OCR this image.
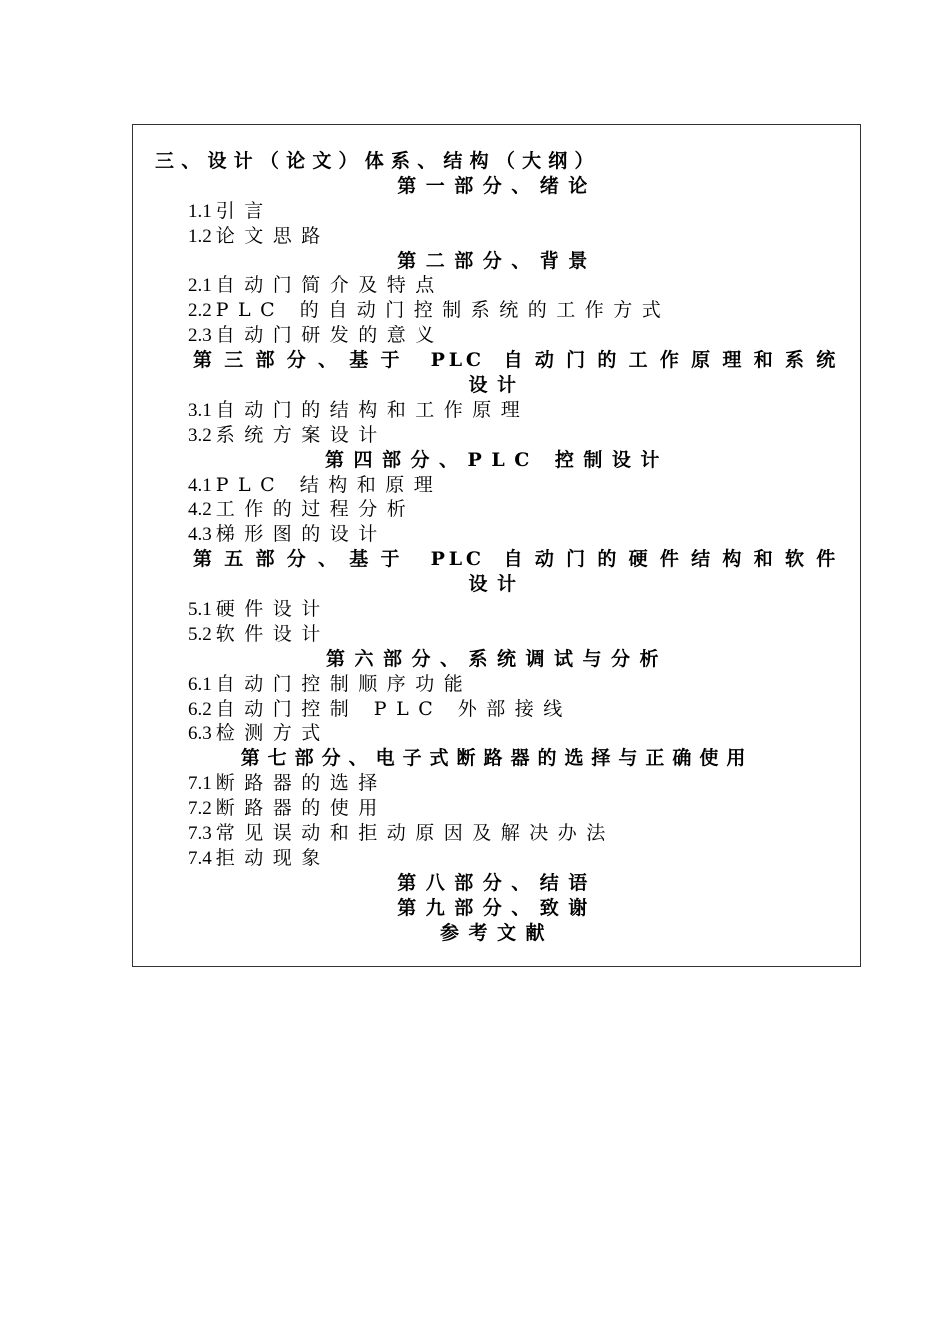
三、设计（论文）体系、结构（大纲）
第一部分、绪论
1.1 引言
1.2 论文思路
第二部分、背景
2.1 自动门简介及特点
2.2 PLC 的自动门控制系统的工作方式
2.3 自动门研发的意义
第三部分、基于 PLC 自动门的工作原理和系统
设计
3.1 自动门的结构和工作原理
3.2 系统方案设计
第四部分、PLC 控制设计
4.1 PLC 结构和原理
4.2 工作的过程分析
4.3 梯形图的设计
第五部分、基于 PLC 自动门的硬件结构和软件
设计
5.1 硬件设计
5.2 软件设计
第六部分、系统调试与分析
6.1 自动门控制顺序功能
6.2 自动门控制 PLC 外部接线
6.3 检测方式
第七部分、电子式断路器的选择与正确使用
7.1 断路器的选择
7.2 断路器的使用
7.3 常见误动和拒动原因及解决办法
7.4 拒动现象
第八部分、结语
第九部分、致谢
参考文献
